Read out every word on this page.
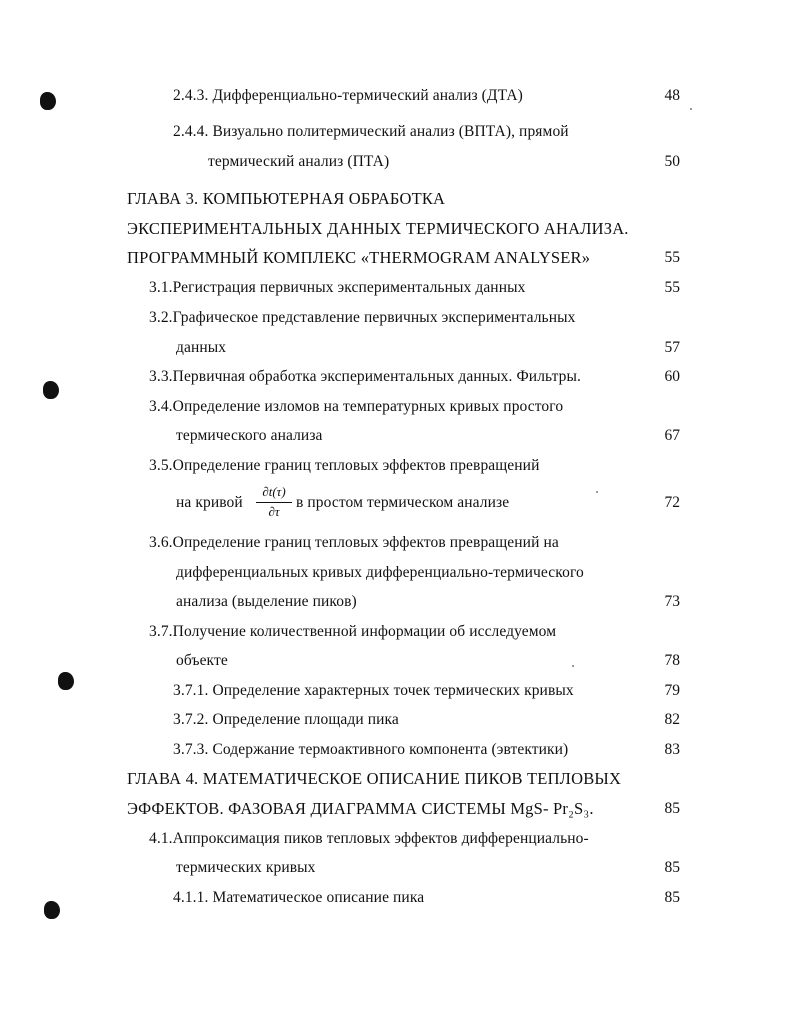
2.4.3. Дифференциально-термический анализ (ДТА)	48
2.4.4. Визуально политермический анализ (ВПТА), прямой
термический анализ (ПТА)	50
ГЛАВА 3. КОМПЬЮТЕРНАЯ ОБРАБОТКА
ЭКСПЕРИМЕНТАЛЬНЫХ ДАННЫХ ТЕРМИЧЕСКОГО АНАЛИЗА.
ПРОГРАММНЫЙ КОМПЛЕКС «THERMOGRAM ANALYSER»	55
3.1.Регистрация первичных экспериментальных данных	55
3.2.Графическое представление первичных экспериментальных
данных	57
3.3.Первичная обработка экспериментальных данных. Фильтры.	60
3.4.Определение изломов на температурных кривых простого
термического анализа	67
3.5.Определение границ тепловых эффектов превращений
на кривой
∂t(τ)
∂τ
в простом термическом анализе	72
3.6.Определение границ тепловых эффектов превращений на
дифференциальных кривых дифференциально-термического
анализа (выделение пиков)	73
3.7.Получение количественной информации об исследуемом
объекте	78
3.7.1. Определение характерных точек термических кривых	79
3.7.2. Определение площади пика	82
3.7.3. Содержание термоактивного компонента (эвтектики)	83
ГЛАВА 4. МАТЕМАТИЧЕСКОЕ ОПИСАНИЕ ПИКОВ ТЕПЛОВЫХ
ЭФФЕКТОВ. ФАЗОВАЯ ДИАГРАММА СИСТЕМЫ MgS- Pr₂S₃.	85
4.1.Аппроксимация пиков тепловых эффектов дифференциально-
термических кривых	85
4.1.1. Математическое описание пика	85
